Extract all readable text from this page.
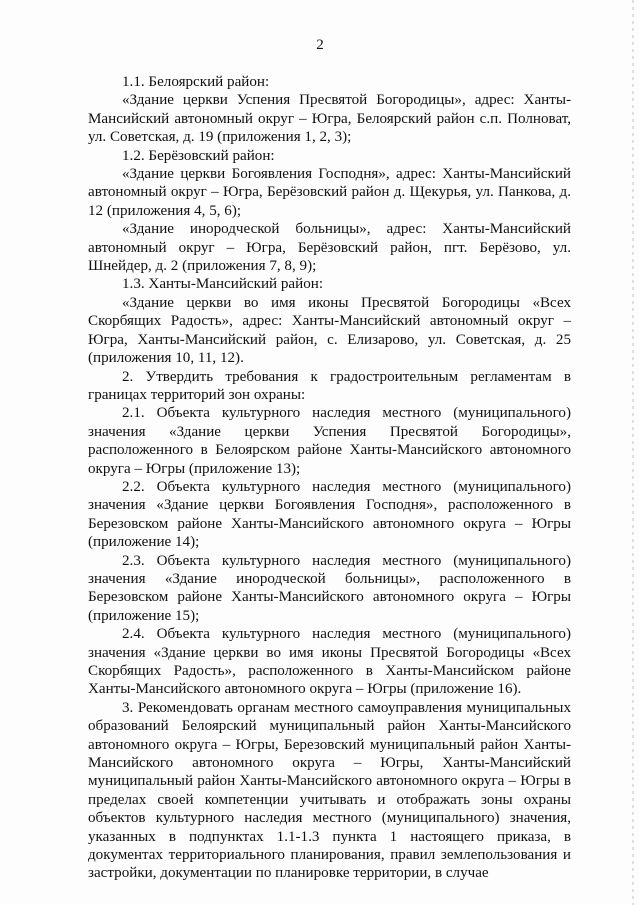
2

1.1. Белоярский район:

«Здание церкви Успения Пресвятой Богородицы», адрес: Ханты-Мансийский автономный округ – Югра, Белоярский район с.п. Полноват, ул. Советская, д. 19 (приложения 1, 2, 3);

1.2. Берёзовский район:

«Здание церкви Богоявления Господня», адрес: Ханты-Мансийский автономный округ – Югра, Берёзовский район д. Щекурья, ул. Панкова, д. 12 (приложения 4, 5, 6);

«Здание инородческой больницы», адрес: Ханты-Мансийский автономный округ – Югра, Берёзовский район, пгт. Берёзово, ул. Шнейдер, д. 2 (приложения 7, 8, 9);

1.3. Ханты-Мансийский район:

«Здание церкви во имя иконы Пресвятой Богородицы «Всех Скорбящих Радость», адрес: Ханты-Мансийский автономный округ – Югра, Ханты-Мансийский район, с. Елизарово, ул. Советская, д. 25 (приложения 10, 11, 12).

2. Утвердить требования к градостроительным регламентам в границах территорий зон охраны:

2.1. Объекта культурного наследия местного (муниципального) значения «Здание церкви Успения Пресвятой Богородицы», расположенного в Белоярском районе Ханты-Мансийского автономного округа – Югры (приложение 13);

2.2. Объекта культурного наследия местного (муниципального) значения «Здание церкви Богоявления Господня», расположенного в Березовском районе Ханты-Мансийского автономного округа – Югры (приложение 14);

2.3. Объекта культурного наследия местного (муниципального) значения «Здание инородческой больницы», расположенного в Березовском районе Ханты-Мансийского автономного округа – Югры (приложение 15);

2.4. Объекта культурного наследия местного (муниципального) значения «Здание церкви во имя иконы Пресвятой Богородицы «Всех Скорбящих Радость», расположенного в Ханты-Мансийском районе Ханты-Мансийского автономного округа – Югры (приложение 16).

3. Рекомендовать органам местного самоуправления муниципальных образований Белоярский муниципальный район Ханты-Мансийского автономного округа – Югры, Березовский муниципальный район Ханты-Мансийского автономного округа – Югры, Ханты-Мансийский муниципальный район Ханты-Мансийского автономного округа – Югры в пределах своей компетенции учитывать и отображать зоны охраны объектов культурного наследия местного (муниципального) значения, указанных в подпунктах 1.1-1.3 пункта 1 настоящего приказа, в документах территориального планирования, правил землепользования и застройки, документации по планировке территории, в случае
